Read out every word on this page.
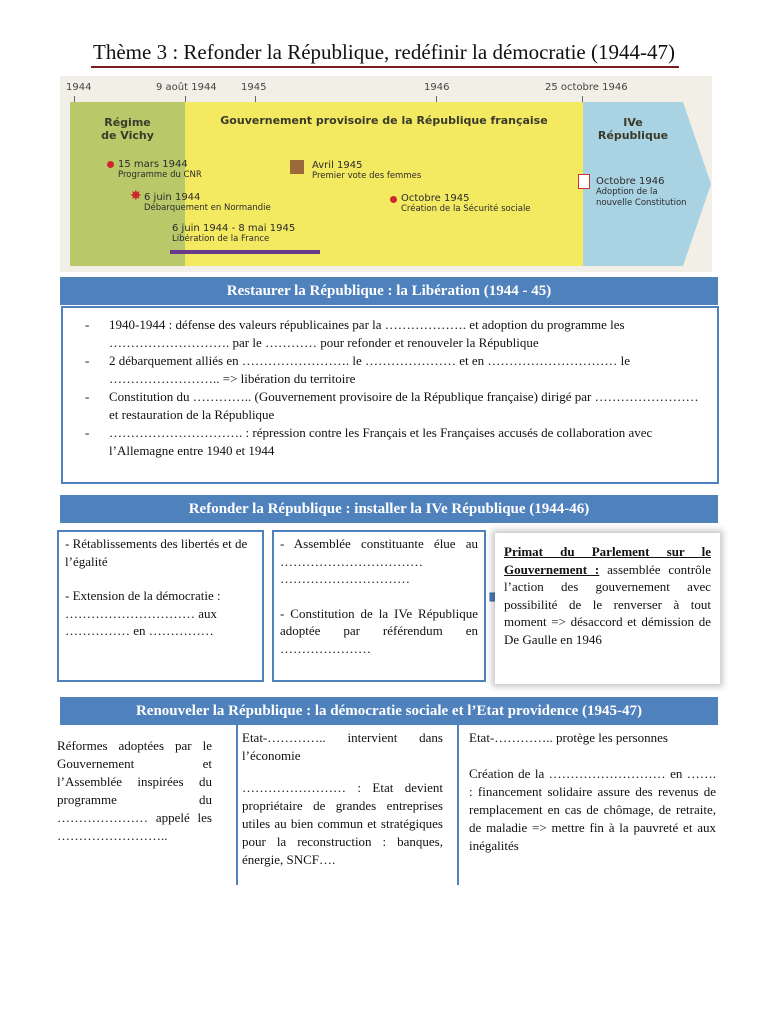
Thème 3 : Refonder la République, redéfinir la démocratie (1944-47)
1944	9 août 1944 1945	1946	25 octobre 1946
Régime
de Vichy
Gouvernement provisoire de la République française	IVe
République
15 mars 1944
Programme du CNR
✸ 6 juin 1944
Débarquement en Normandie
6 juin 1944 - 8 mai 1945
Libération de la France
Avril 1945
Premier vote des femmes
Octobre 1945
Création de la Sécurité sociale
Octobre 1946
Adoption de la
nouvelle Constitution
Restaurer la République : la Libération (1944 - 45)
- 1940-1944 : défense des valeurs républicaines par la ………………. et adoption du programme les ………………………. par le ………… pour refonder et renouveler la République
- 2 débarquement alliés en ……………………. le ………………… et en ………………………… le …………………….. => libération du territoire
- Constitution du ………….. (Gouvernement provisoire de la République française) dirigé par …………………… et restauration de la République
- …………………………. : répression contre les Français et les Françaises accusés de collaboration avec l’Allemagne entre 1940 et 1944
Refonder la République : installer la IVe République (1944-46)
- Rétablissements des libertés et de l’égalité
- Extension de la démocratie : ………………………… aux …………… en ……………
- Assemblée constituante élue au …………………………… …………………………
- Constitution de la IVe République adoptée par référendum en …………………
Primat du Parlement sur le Gouvernement : assemblée contrôle l’action des gouvernement avec possibilité de le renverser à tout moment => désaccord et démission de De Gaulle en 1946
Renouveler la République : la démocratie sociale et l’Etat providence (1945-47)
Réformes adoptées par le Gouvernement et l’Assemblée inspirées du programme du ………………… appelé les ……………………..
Etat-………….. intervient dans l’économie
…………………… : Etat devient propriétaire de grandes entreprises utiles au bien commun et stratégiques pour la reconstruction : banques, énergie, SNCF….
Etat-………….. protège les personnes
Création de la ……………………… en ……. : financement solidaire assure des revenus de remplacement en cas de chômage, de retraite, de maladie => mettre fin à la pauvreté et aux inégalités
